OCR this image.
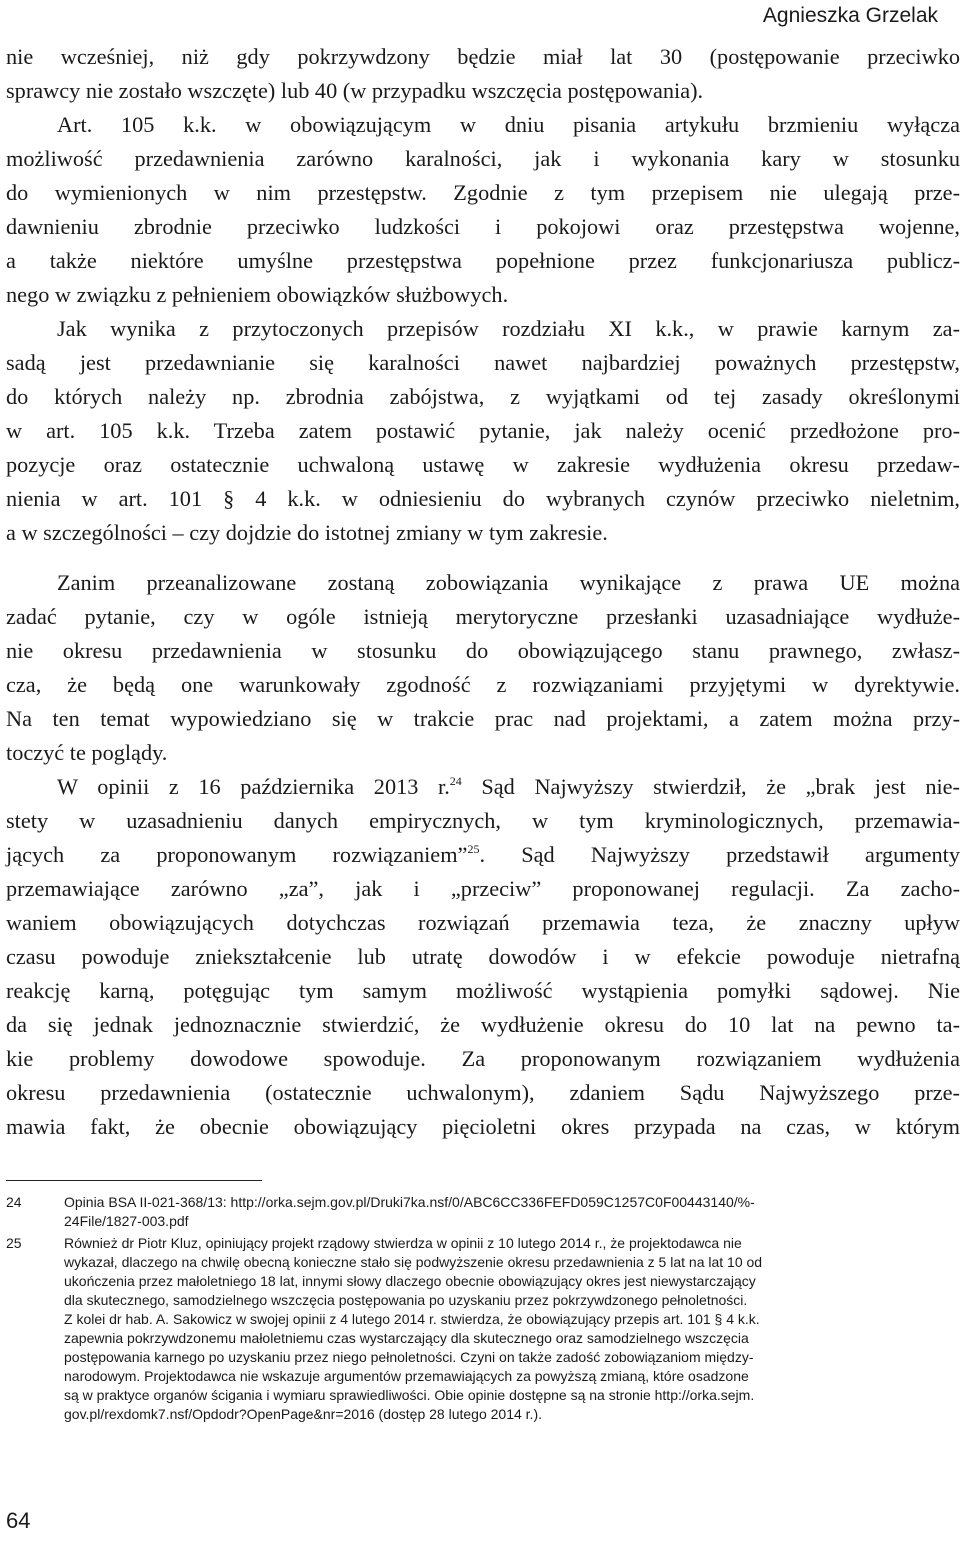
Agnieszka Grzelak

nie wcześniej, niż gdy pokrzywdzony będzie miał lat 30 (postępowanie przeciwko

sprawcy nie zostało wszczęte) lub 40 (w przypadku wszczęcia postępowania).

Art. 105 k.k. w obowiązującym w dniu pisania artykułu brzmieniu wyłącza

możliwość przedawnienia zarówno karalności, jak i wykonania kary w stosunku

do wymienionych w nim przestępstw. Zgodnie z tym przepisem nie ulegają prze-

dawnieniu zbrodnie przeciwko ludzkości i pokojowi oraz przestępstwa wojenne,

a także niektóre umyślne przestępstwa popełnione przez funkcjonariusza publicz-

nego w związku z pełnieniem obowiązków służbowych.

Jak wynika z przytoczonych przepisów rozdziału XI k.k., w prawie karnym za-

sadą jest przedawnianie się karalności nawet najbardziej poważnych przestępstw,

do których należy np. zbrodnia zabójstwa, z wyjątkami od tej zasady określonymi

w art. 105 k.k. Trzeba zatem postawić pytanie, jak należy ocenić przedłożone pro-

pozycje oraz ostatecznie uchwaloną ustawę w zakresie wydłużenia okresu przedaw-

nienia w art. 101 § 4 k.k. w odniesieniu do wybranych czynów przeciwko nieletnim,

a w szczególności – czy dojdzie do istotnej zmiany w tym zakresie.

Zanim przeanalizowane zostaną zobowiązania wynikające z prawa UE można

zadać pytanie, czy w ogóle istnieją merytoryczne przesłanki uzasadniające wydłuże-

nie okresu przedawnienia w stosunku do obowiązującego stanu prawnego, zwłasz-

cza, że będą one warunkowały zgodność z rozwiązaniami przyjętymi w dyrektywie.

Na ten temat wypowiedziano się w trakcie prac nad projektami, a zatem można przy-

toczyć te poglądy.

W opinii z 16 października 2013 r.$^{24}$ Sąd Najwyższy stwierdził, że „brak jest nie-

stety w uzasadnieniu danych empirycznych, w tym kryminologicznych, przemawia-

jących za proponowanym rozwiązaniem”$^{25}$. Sąd Najwyższy przedstawił argumenty

przemawiające zarówno „za”, jak i „przeciw” proponowanej regulacji. Za zacho-

waniem obowiązujących dotychczas rozwiązań przemawia teza, że znaczny upływ

czasu powoduje zniekształcenie lub utratę dowodów i w efekcie powoduje nietrafną

reakcję karną, potęgując tym samym możliwość wystąpienia pomyłki sądowej. Nie

da się jednak jednoznacznie stwierdzić, że wydłużenie okresu do 10 lat na pewno ta-

kie problemy dowodowe spowoduje. Za proponowanym rozwiązaniem wydłużenia

okresu przedawnienia (ostatecznie uchwalonym), zdaniem Sądu Najwyższego prze-

mawia fakt, że obecnie obowiązujący pięcioletni okres przypada na czas, w którym

24	Opinia BSA II-021-368/13: http://orka.sejm.gov.pl/Druki7ka.nsf/0/ABC6CC336FEFD059C1257C0F00443140/%-
24File/1827-003.pdf
25	Również dr Piotr Kluz, opiniujący projekt rządowy stwierdza w opinii z 10 lutego 2014 r., że projektodawca nie
wykazał, dlaczego na chwilę obecną konieczne stało się podwyższenie okresu przedawnienia z 5 lat na lat 10 od
ukończenia przez małoletniego 18 lat, innymi słowy dlaczego obecnie obowiązujący okres jest niewystarczający
dla skutecznego, samodzielnego wszczęcia postępowania po uzyskaniu przez pokrzywdzonego pełnoletności.
Z kolei dr hab. A. Sakowicz w swojej opinii z 4 lutego 2014 r. stwierdza, że obowiązujący przepis art. 101 § 4 k.k.
zapewnia pokrzywdzonemu małoletniemu czas wystarczający dla skutecznego oraz samodzielnego wszczęcia
postępowania karnego po uzyskaniu przez niego pełnoletności. Czyni on także zadość zobowiązaniom między-
narodowym. Projektodawca nie wskazuje argumentów przemawiających za powyższą zmianą, które osadzone
są w praktyce organów ścigania i wymiaru sprawiedliwości. Obie opinie dostępne są na stronie http://orka.sejm.
gov.pl/rexdomk7.nsf/Opdodr?OpenPage&nr=2016 (dostęp 28 lutego 2014 r.).
64
